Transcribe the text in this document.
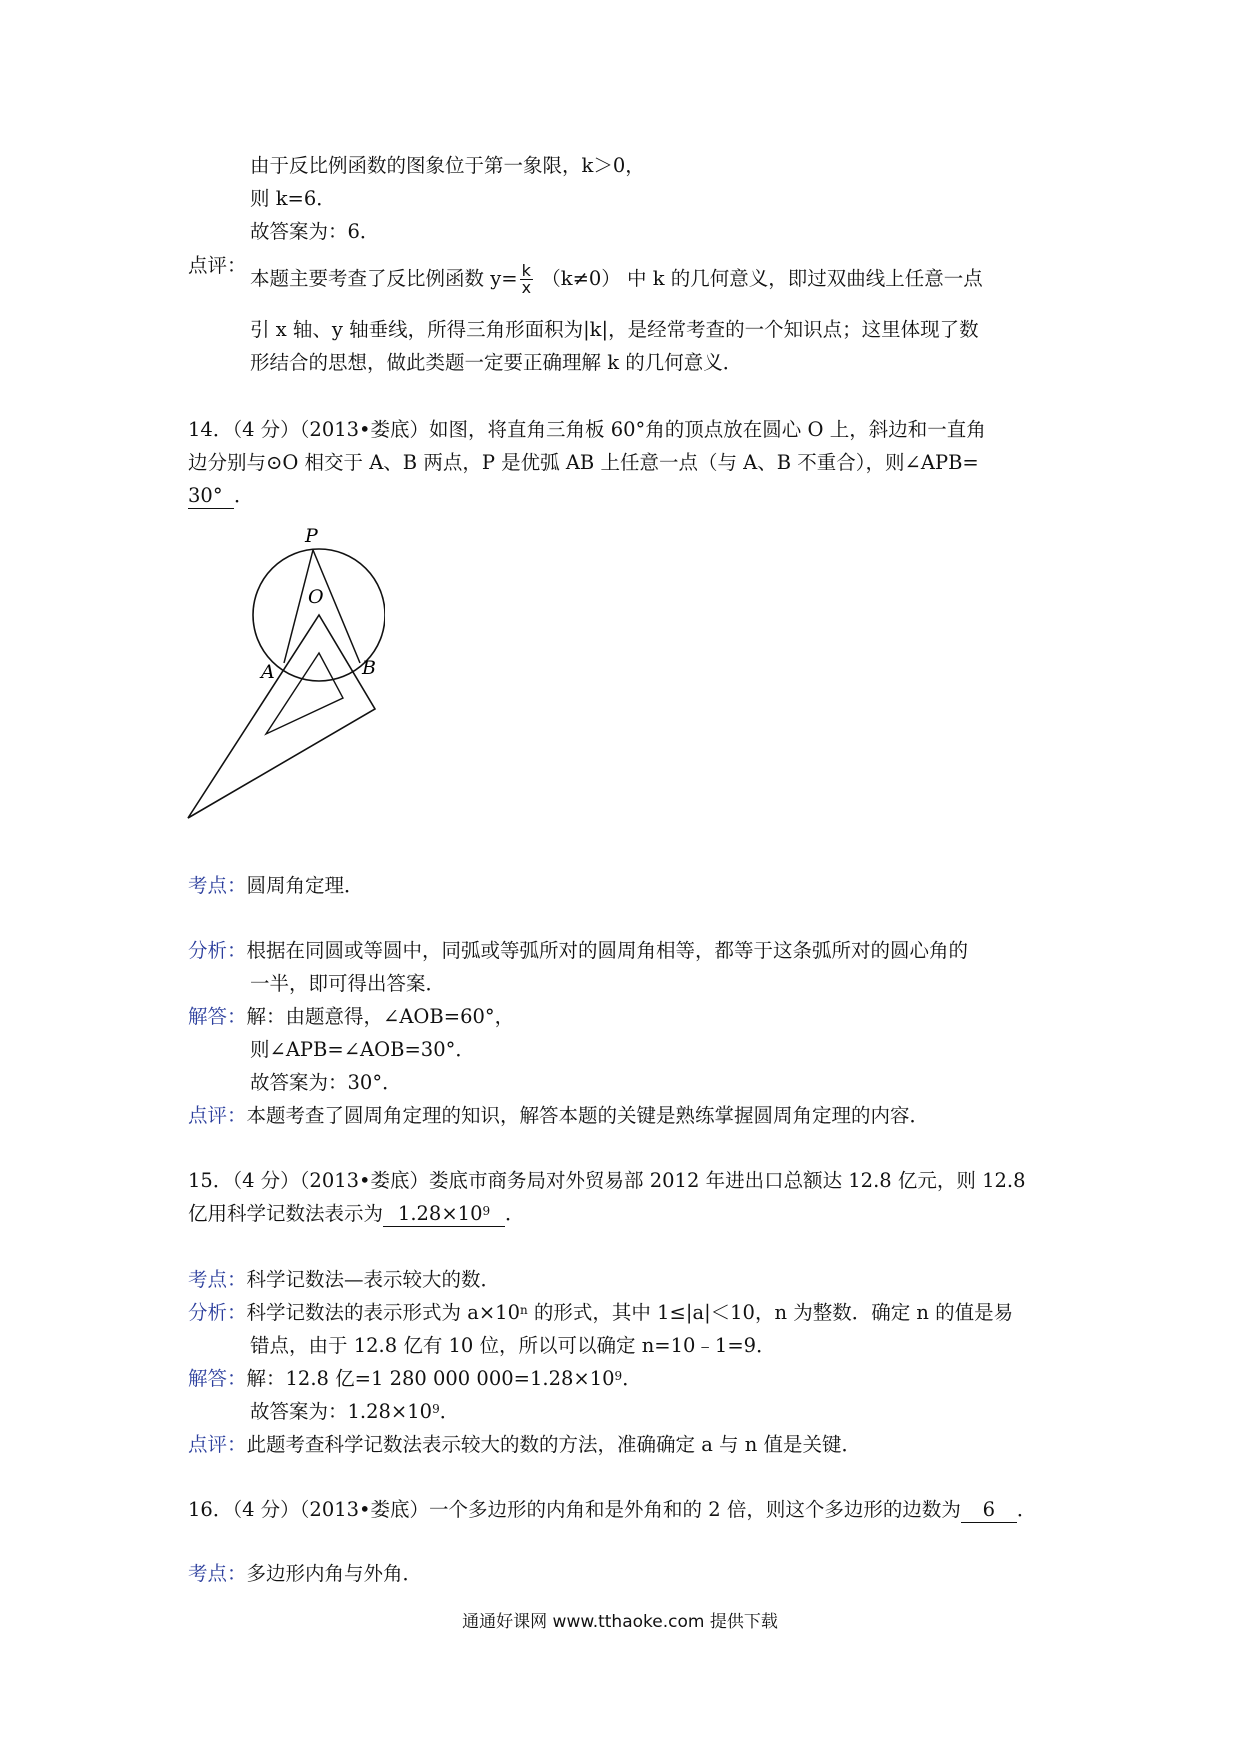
由于反比例函数的图象位于第一象限，k＞0，
则 k=6．
故答案为：6．
点评：
本题主要考查了反比例函数 $y= \frac{k}{x} (k\ne 0)$ 中 k 的几何意义，即过双曲线上任意一点
引 x 轴、y 轴垂线，所得三角形面积为|k|，是经常考查的一个知识点；这里体现了数
形结合的思想，做此类题一定要正确理解 k 的几何意义．
14．（4 分）（2013•娄底）如图，将直角三角板 60°角的顶点放在圆心 O 上，斜边和一直角
边分别与⊙O 相交于 A、B 两点，P 是优弧 AB 上任意一点（与 A、B 不重合），则∠APB=
30° ．
P
O
A	B
考点：圆周角定理．
分析：根据在同圆或等圆中，同弧或等弧所对的圆周角相等，都等于这条弧所对的圆心角的
一半，即可得出答案．
解答：解：由题意得，∠AOB=60°，
则∠APB=∠AOB=30°．
故答案为：30°．
点评：本题考查了圆周角定理的知识，解答本题的关键是熟练掌握圆周角定理的内容．
15．（4 分）（2013•娄底）娄底市商务局对外贸易部 2012 年进出口总额达 12.8 亿元，则 12.8
亿用科学记数法表示为 $1.28\times 10^9$ ．
考点：科学记数法—表示较大的数．
分析：科学记数法的表示形式为 $a\times 10^n$ 的形式，其中 1≤|a|＜10，n 为整数．确定 n 的值是易
错点，由于 12.8 亿有 10 位，所以可以确定 n=10﹣1=9．
解答：解：12.8 亿=1 280 000 $000=1.28\times 10^9$．
故答案为：$1.28\times 10^9$．
点评：此题考查科学记数法表示较大的数的方法，准确确定 a 与 n 值是关键．
16．（4 分）（2013•娄底）一个多边形的内角和是外角和的 2 倍，则这个多边形的边数为 6 ．
考点：多边形内角与外角．
通通好课网 www.tthaoke.com 提供下载
